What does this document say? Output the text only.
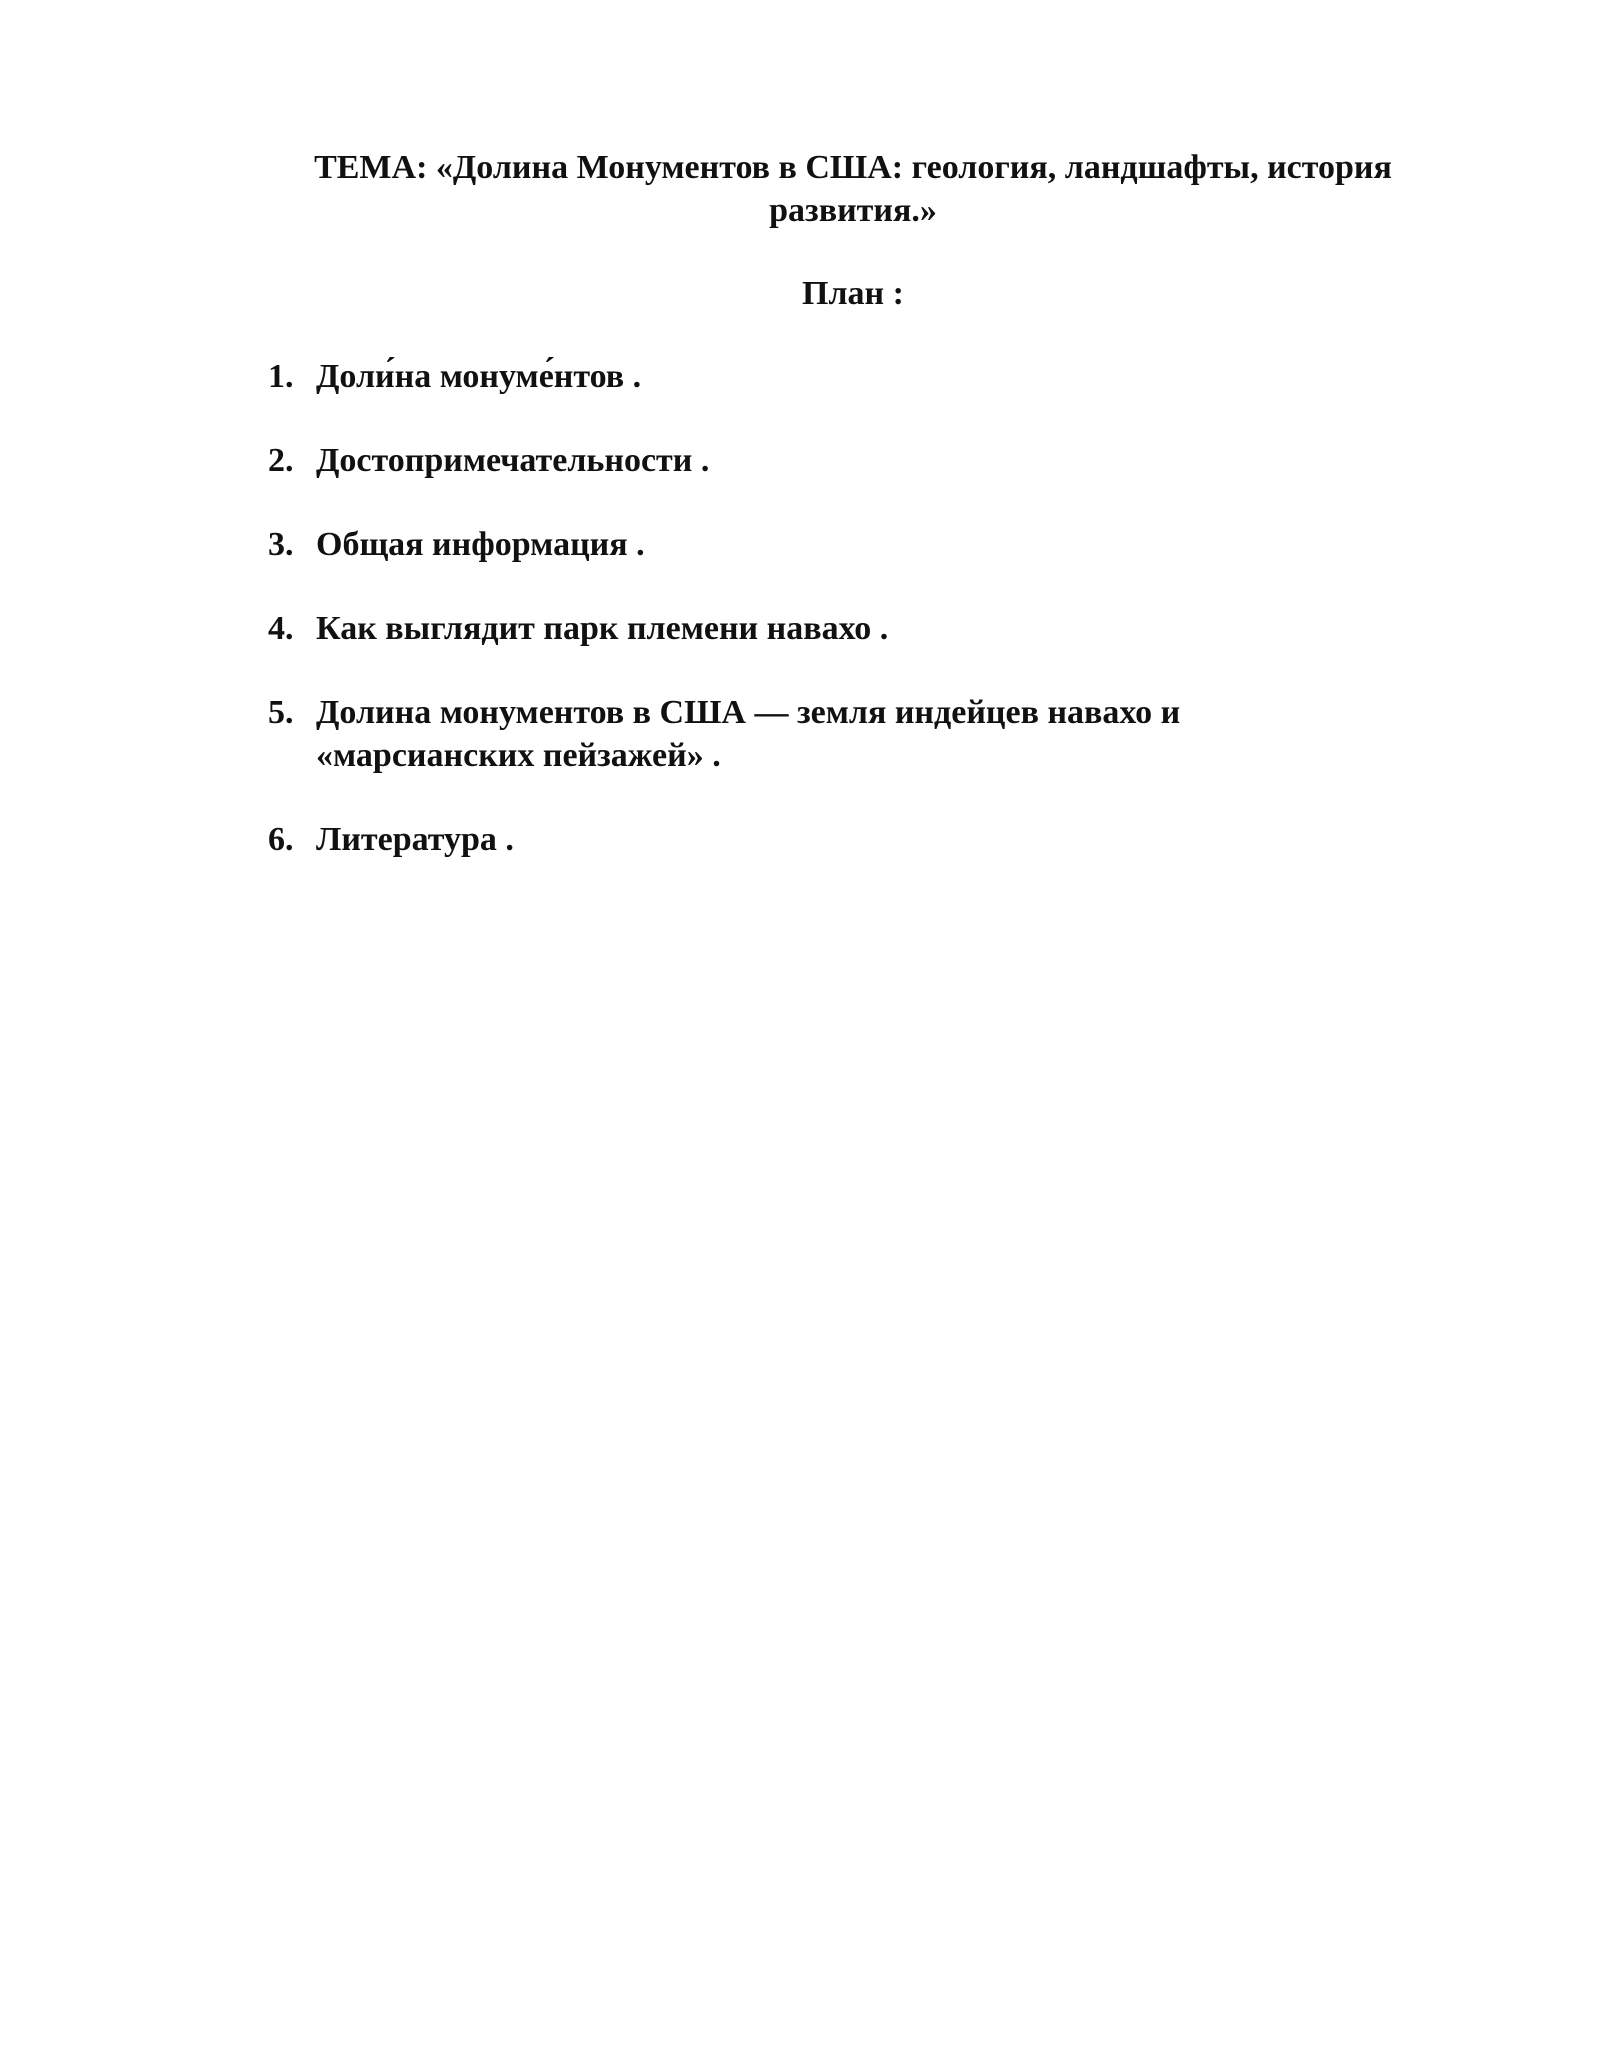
ТЕМА: «Долина Монументов в США: геология, ландшафты, история развития.»
План :
1. Доли́на монуме́нтов .
2. Достопримечательности .
3. Общая информация .
4. Как выглядит парк племени навахо .
5. Долина монументов в США — земля индейцев навахо и «марсианских пейзажей» .
6. Литература .
